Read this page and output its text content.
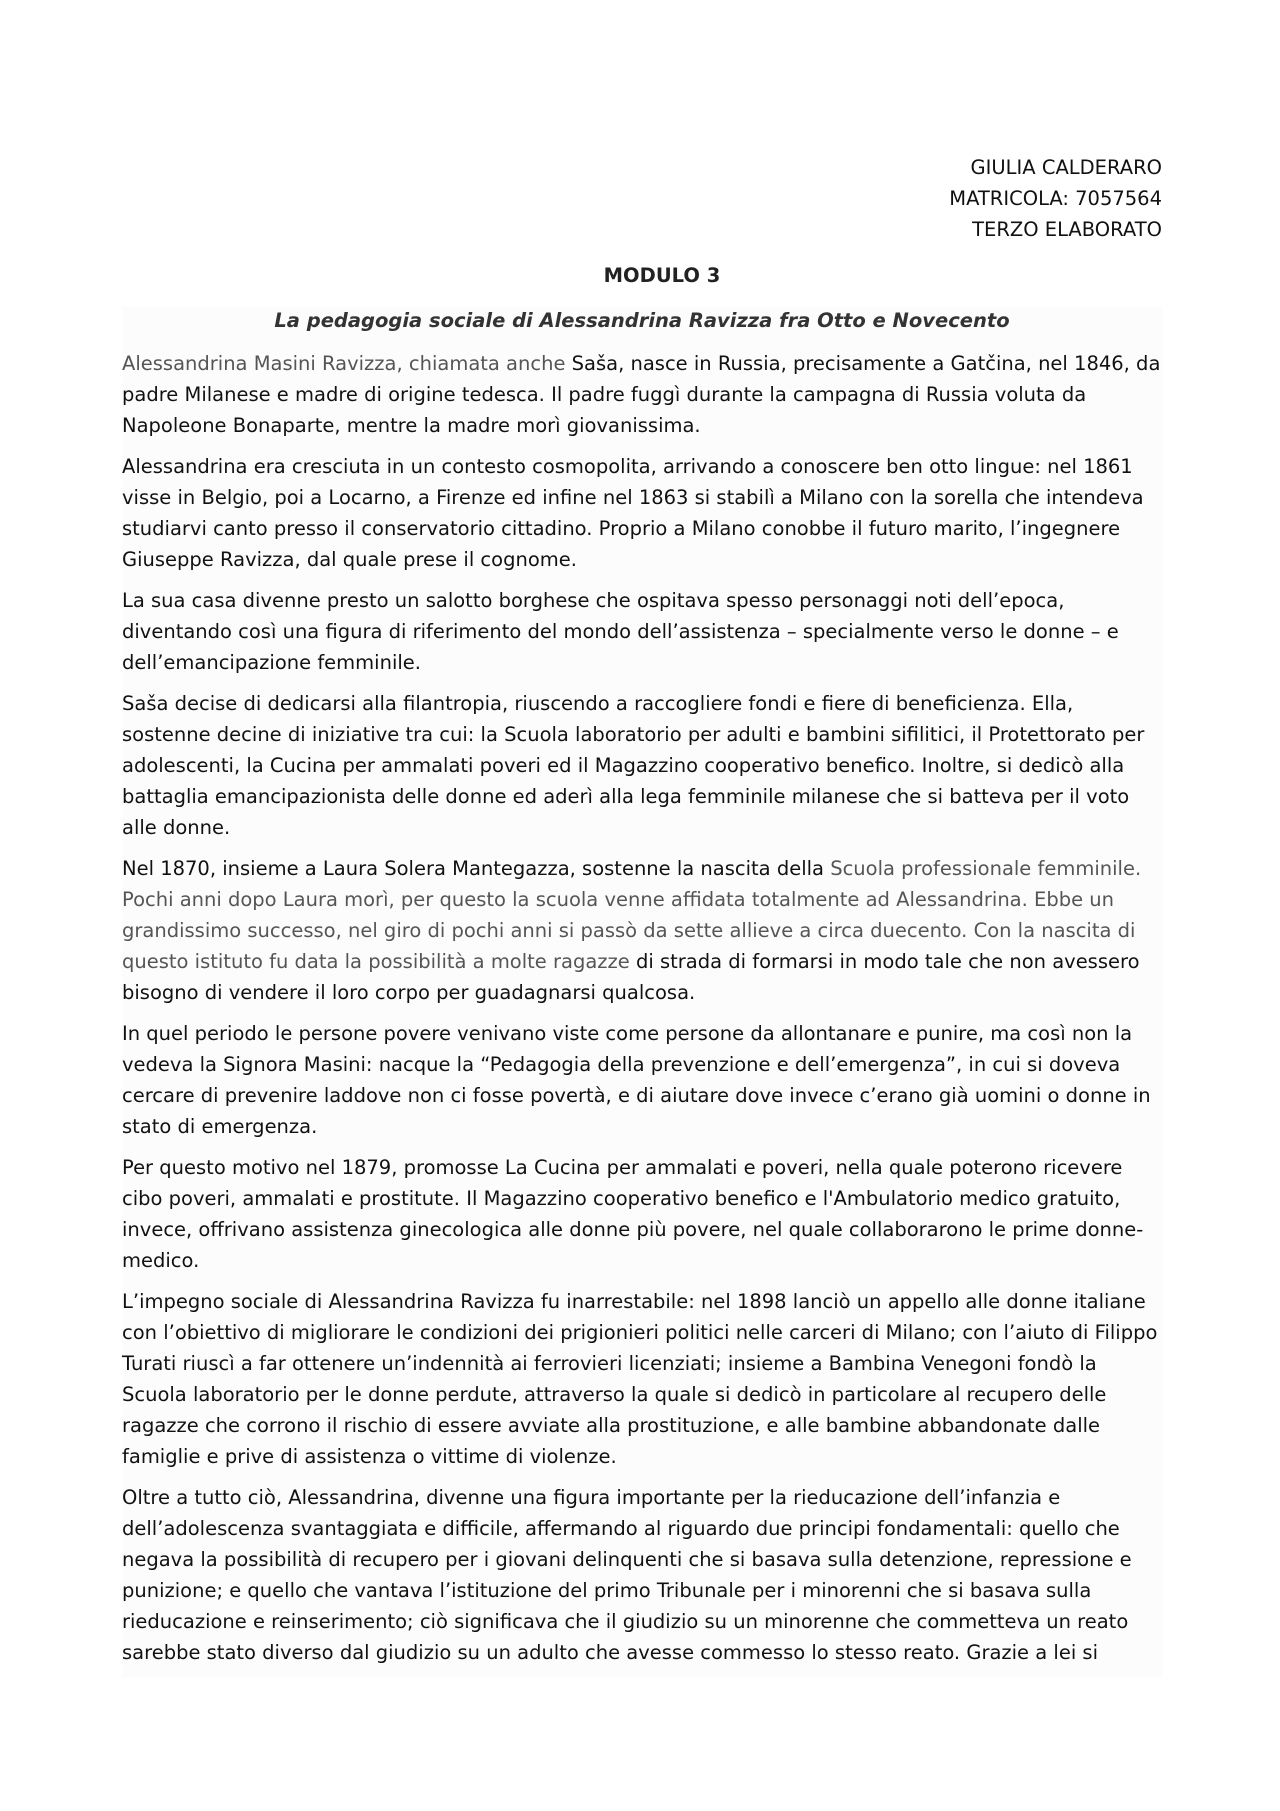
GIULIA CALDERARO
MATRICOLA: 7057564
TERZO ELABORATO
MODULO 3
La pedagogia sociale di Alessandrina Ravizza fra Otto e Novecento

Alessandrina Masini Ravizza, chiamata anche Saša, nasce in Russia, precisamente a Gatčina, nel 1846, da padre Milanese e madre di origine tedesca. Il padre fuggì durante la campagna di Russia voluta da Napoleone Bonaparte, mentre la madre morì giovanissima.

Alessandrina era cresciuta in un contesto cosmopolita, arrivando a conoscere ben otto lingue: nel 1861 visse in Belgio, poi a Locarno, a Firenze ed infine nel 1863 si stabilì a Milano con la sorella che intendeva studiarvi canto presso il conservatorio cittadino. Proprio a Milano conobbe il futuro marito, l’ingegnere Giuseppe Ravizza, dal quale prese il cognome.

La sua casa divenne presto un salotto borghese che ospitava spesso personaggi noti dell’epoca, diventando così una figura di riferimento del mondo dell’assistenza – specialmente verso le donne – e dell’emancipazione femminile.

Saša decise di dedicarsi alla filantropia, riuscendo a raccogliere fondi e fiere di beneficienza. Ella, sostenne decine di iniziative tra cui: la Scuola laboratorio per adulti e bambini sifilitici, il Protettorato per adolescenti, la Cucina per ammalati poveri ed il Magazzino cooperativo benefico. Inoltre, si dedicò alla battaglia emancipazionista delle donne ed aderì alla lega femminile milanese che si batteva per il voto alle donne.

Nel 1870, insieme a Laura Solera Mantegazza, sostenne la nascita della Scuola professionale femminile. Pochi anni dopo Laura morì, per questo la scuola venne affidata totalmente ad Alessandrina. Ebbe un grandissimo successo, nel giro di pochi anni si passò da sette allieve a circa duecento. Con la nascita di questo istituto fu data la possibilità a molte ragazze di strada di formarsi in modo tale che non avessero bisogno di vendere il loro corpo per guadagnarsi qualcosa.

In quel periodo le persone povere venivano viste come persone da allontanare e punire, ma così non la vedeva la Signora Masini: nacque la “Pedagogia della prevenzione e dell’emergenza”, in cui si doveva cercare di prevenire laddove non ci fosse povertà, e di aiutare dove invece c’erano già uomini o donne in stato di emergenza.

Per questo motivo nel 1879, promosse La Cucina per ammalati e poveri, nella quale poterono ricevere cibo poveri, ammalati e prostitute. Il Magazzino cooperativo benefico e l'Ambulatorio medico gratuito, invece, offrivano assistenza ginecologica alle donne più povere, nel quale collaborarono le prime donne-medico.

L’impegno sociale di Alessandrina Ravizza fu inarrestabile: nel 1898 lanciò un appello alle donne italiane con l’obiettivo di migliorare le condizioni dei prigionieri politici nelle carceri di Milano; con l’aiuto di Filippo Turati riuscì a far ottenere un’indennità ai ferrovieri licenziati; insieme a Bambina Venegoni fondò la Scuola laboratorio per le donne perdute, attraverso la quale si dedicò in particolare al recupero delle ragazze che corrono il rischio di essere avviate alla prostituzione, e alle bambine abbandonate dalle famiglie e prive di assistenza o vittime di violenze.

Oltre a tutto ciò, Alessandrina, divenne una figura importante per la rieducazione dell’infanzia e dell’adolescenza svantaggiata e difficile, affermando al riguardo due principi fondamentali: quello che negava la possibilità di recupero per i giovani delinquenti che si basava sulla detenzione, repressione e punizione; e quello che vantava l’istituzione del primo Tribunale per i minorenni che si basava sulla rieducazione e reinserimento; ciò significava che il giudizio su un minorenne che commetteva un reato sarebbe stato diverso dal giudizio su un adulto che avesse commesso lo stesso reato. Grazie a lei si
